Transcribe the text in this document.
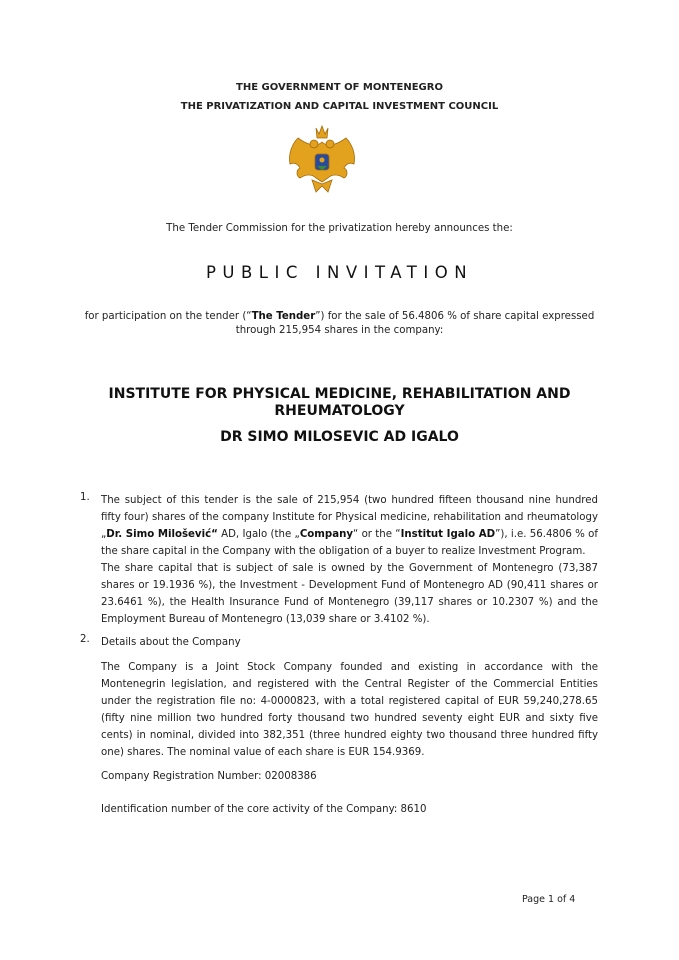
THE GOVERNMENT OF MONTENEGRO
THE PRIVATIZATION AND CAPITAL INVESTMENT COUNCIL
The Tender Commission for the privatization hereby announces the:
PUBLIC INVITATION
for participation on the tender (“The Tender”) for the sale of 56.4806 % of share capital expressed
through 215,954 shares in the company:
INSTITUTE FOR PHYSICAL MEDICINE, REHABILITATION AND
RHEUMATOLOGY
DR SIMO MILOSEVIC AD IGALO
1. The subject of this tender is the sale of 215,954 (two hundred fifteen thousand nine hundred fifty four) shares of the company Institute for Physical medicine, rehabilitation and rheumatology „Dr. Simo Milošević“ AD, Igalo (the „Company“ or the “Institut Igalo AD”), i.e. 56.4806 % of the share capital in the Company with the obligation of a buyer to realize Investment Program.
The share capital that is subject of sale is owned by the Government of Montenegro (73,387 shares or 19.1936 %), the Investment - Development Fund of Montenegro AD (90,411 shares or 23.6461 %), the Health Insurance Fund of Montenegro (39,117 shares or 10.2307 %) and the Employment Bureau of Montenegro (13,039 share or 3.4102 %).
2. Details about the Company
The Company is a Joint Stock Company founded and existing in accordance with the Montenegrin legislation, and registered with the Central Register of the Commercial Entities under the registration file no: 4-0000823, with a total registered capital of EUR 59,240,278.65 (fifty nine million two hundred forty thousand two hundred seventy eight EUR and sixty five cents) in nominal, divided into 382,351 (three hundred eighty two thousand three hundred fifty one) shares. The nominal value of each share is EUR 154.9369.
Company Registration Number: 02008386
Identification number of the core activity of the Company: 8610
Page 1 of 4
